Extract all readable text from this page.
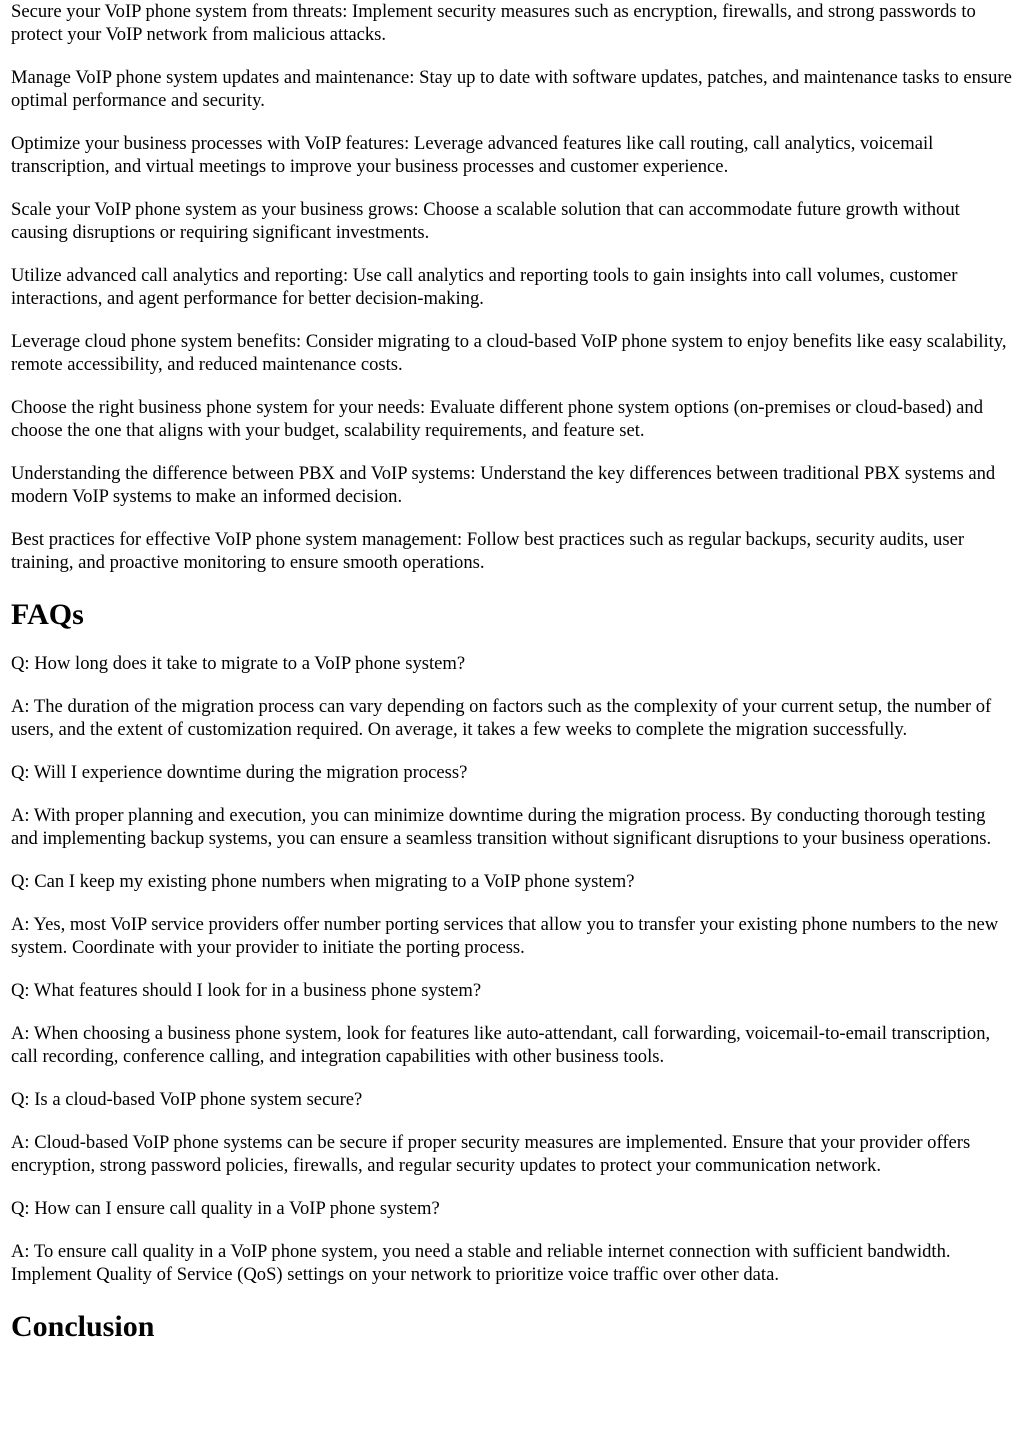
Secure your VoIP phone system from threats: Implement security measures such as encryption, firewalls, and strong passwords to protect your VoIP network from malicious attacks.

Manage VoIP phone system updates and maintenance: Stay up to date with software updates, patches, and maintenance tasks to ensure optimal performance and security.

Optimize your business processes with VoIP features: Leverage advanced features like call routing, call analytics, voicemail transcription, and virtual meetings to improve your business processes and customer experience.

Scale your VoIP phone system as your business grows: Choose a scalable solution that can accommodate future growth without causing disruptions or requiring significant investments.

Utilize advanced call analytics and reporting: Use call analytics and reporting tools to gain insights into call volumes, customer interactions, and agent performance for better decision-making.

Leverage cloud phone system benefits: Consider migrating to a cloud-based VoIP phone system to enjoy benefits like easy scalability, remote accessibility, and reduced maintenance costs.

Choose the right business phone system for your needs: Evaluate different phone system options (on-premises or cloud-based) and choose the one that aligns with your budget, scalability requirements, and feature set.

Understanding the difference between PBX and VoIP systems: Understand the key differences between traditional PBX systems and modern VoIP systems to make an informed decision.

Best practices for effective VoIP phone system management: Follow best practices such as regular backups, security audits, user training, and proactive monitoring to ensure smooth operations.

FAQs

Q: How long does it take to migrate to a VoIP phone system?

A: The duration of the migration process can vary depending on factors such as the complexity of your current setup, the number of users, and the extent of customization required. On average, it takes a few weeks to complete the migration successfully.

Q: Will I experience downtime during the migration process?

A: With proper planning and execution, you can minimize downtime during the migration process. By conducting thorough testing and implementing backup systems, you can ensure a seamless transition without significant disruptions to your business operations.

Q: Can I keep my existing phone numbers when migrating to a VoIP phone system?

A: Yes, most VoIP service providers offer number porting services that allow you to transfer your existing phone numbers to the new system. Coordinate with your provider to initiate the porting process.

Q: What features should I look for in a business phone system?

A: When choosing a business phone system, look for features like auto-attendant, call forwarding, voicemail-to-email transcription, call recording, conference calling, and integration capabilities with other business tools.

Q: Is a cloud-based VoIP phone system secure?

A: Cloud-based VoIP phone systems can be secure if proper security measures are implemented. Ensure that your provider offers encryption, strong password policies, firewalls, and regular security updates to protect your communication network.

Q: How can I ensure call quality in a VoIP phone system?

A: To ensure call quality in a VoIP phone system, you need a stable and reliable internet connection with sufficient bandwidth. Implement Quality of Service (QoS) settings on your network to prioritize voice traffic over other data.

Conclusion
